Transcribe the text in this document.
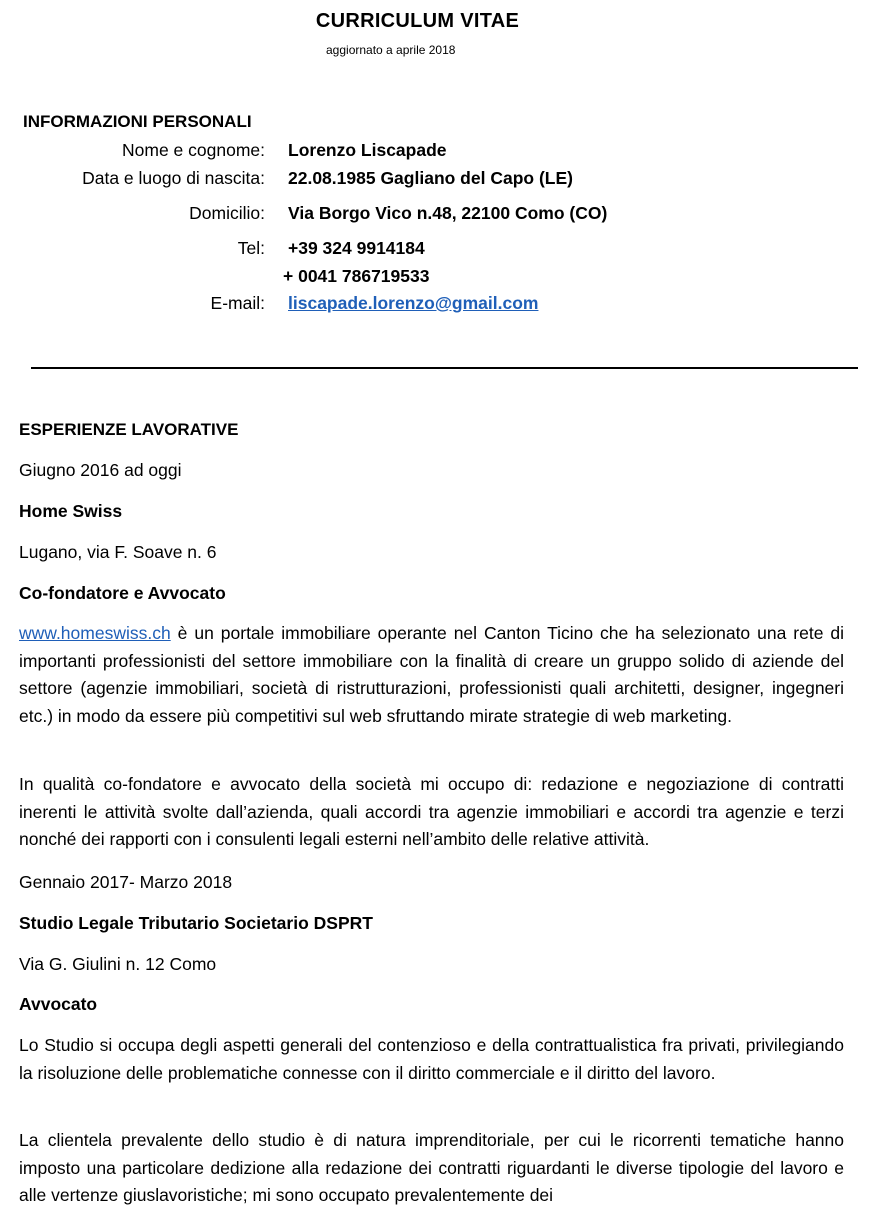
CURRICULUM VITAE
aggiornato a aprile 2018
INFORMAZIONI PERSONALI
Nome e cognome: Lorenzo Liscapade
Data e luogo di nascita: 22.08.1985 Gagliano del Capo (LE)
Domicilio: Via Borgo Vico n.48, 22100 Como (CO)
Tel: +39 324 9914184
+ 0041 786719533
E-mail: liscapade.lorenzo@gmail.com
ESPERIENZE LAVORATIVE
Giugno 2016 ad oggi
Home Swiss
Lugano, via F. Soave n. 6
Co-fondatore e Avvocato
www.homeswiss.ch è un portale immobiliare operante nel Canton Ticino che ha selezionato una rete di importanti professionisti del settore immobiliare con la finalità di creare un gruppo solido di aziende del settore (agenzie immobiliari, società di ristrutturazioni, professionisti quali architetti, designer, ingegneri etc.) in modo da essere più competitivi sul web sfruttando mirate strategie di web marketing.
In qualità co-fondatore e avvocato della società mi occupo di: redazione e negoziazione di contratti inerenti le attività svolte dall’azienda, quali accordi tra agenzie immobiliari e accordi tra agenzie e terzi nonché dei rapporti con i consulenti legali esterni nell’ambito delle relative attività.
Gennaio 2017- Marzo 2018
Studio Legale Tributario Societario DSPRT
Via G. Giulini n. 12 Como
Avvocato
Lo Studio si occupa degli aspetti generali del contenzioso e della contrattualistica fra privati, privilegiando la risoluzione delle problematiche connesse con il diritto commerciale e il diritto del lavoro.
La clientela prevalente dello studio è di natura imprenditoriale, per cui le ricorrenti tematiche hanno imposto una particolare dedizione alla redazione dei contratti riguardanti le diverse tipologie del lavoro e alle vertenze giuslavoristiche; mi sono occupato prevalentemente dei
